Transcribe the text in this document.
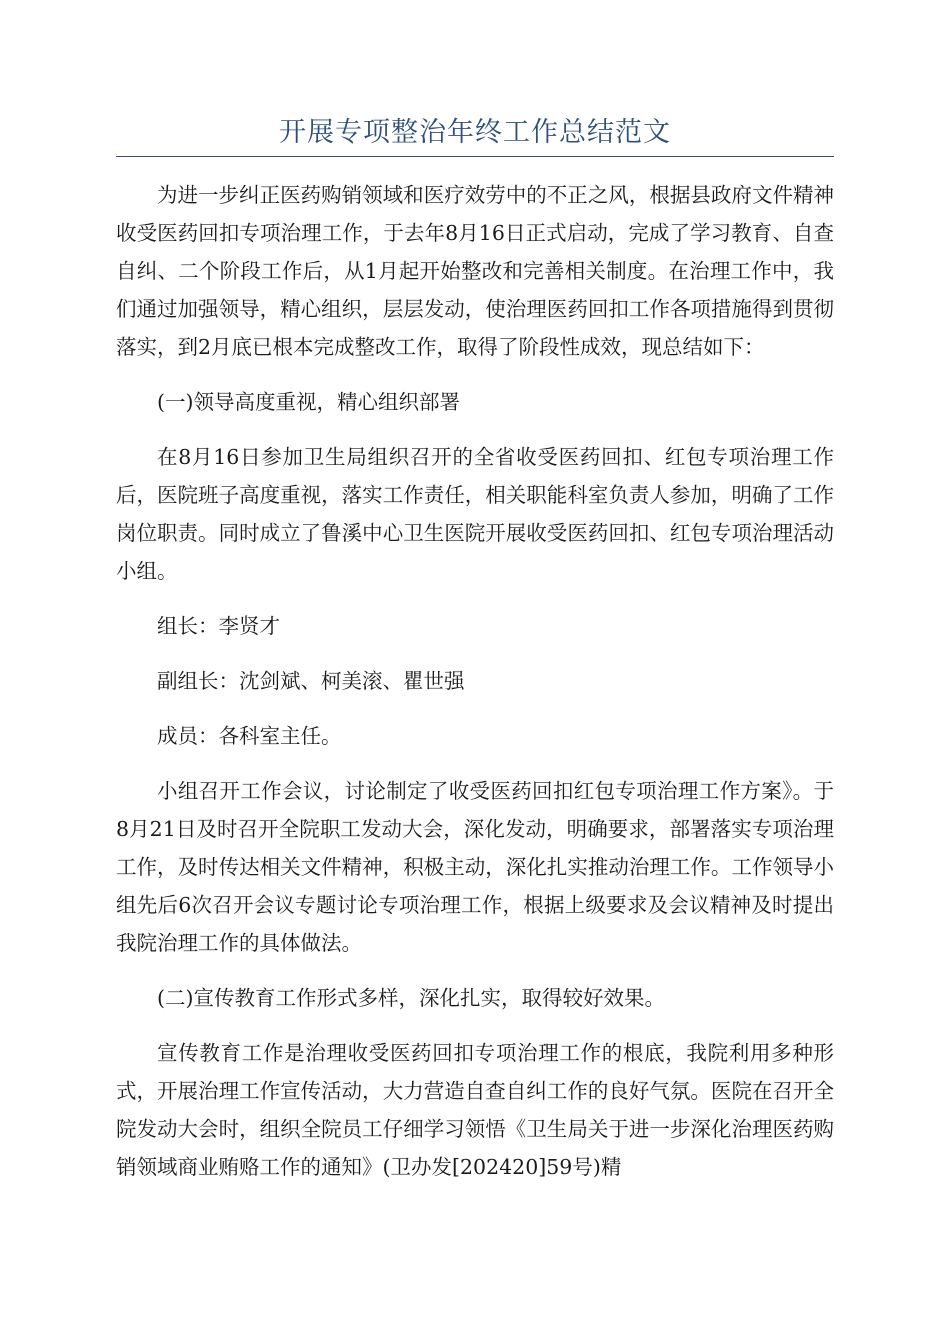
开展专项整治年终工作总结范文

为进一步纠正医药购销领域和医疗效劳中的不正之风，根据县政府文件精神收受医药回扣专项治理工作，于去年8月16日正式启动，完成了学习教育、自查自纠、二个阶段工作后，从1月起开始整改和完善相关制度。在治理工作中，我们通过加强领导，精心组织，层层发动，使治理医药回扣工作各项措施得到贯彻落实，到2月底已根本完成整改工作，取得了阶段性成效，现总结如下：

(一)领导高度重视，精心组织部署

在8月16日参加卫生局组织召开的全省收受医药回扣、红包专项治理工作后，医院班子高度重视，落实工作责任，相关职能科室负责人参加，明确了工作岗位职责。同时成立了鲁溪中心卫生医院开展收受医药回扣、红包专项治理活动小组。

组长：李贤才

副组长：沈剑斌、柯美滚、瞿世强

成员：各科室主任。

小组召开工作会议，讨论制定了收受医药回扣红包专项治理工作方案》。于8月21日及时召开全院职工发动大会，深化发动，明确要求，部署落实专项治理工作，及时传达相关文件精神，积极主动，深化扎实推动治理工作。工作领导小组先后6次召开会议专题讨论专项治理工作，根据上级要求及会议精神及时提出我院治理工作的具体做法。

(二)宣传教育工作形式多样，深化扎实，取得较好效果。

宣传教育工作是治理收受医药回扣专项治理工作的根底，我院利用多种形式，开展治理工作宣传活动，大力营造自查自纠工作的良好气氛。医院在召开全院发动大会时，组织全院员工仔细学习领悟《卫生局关于进一步深化治理医药购销领域商业贿赂工作的通知》(卫办发[202420]59号)精
